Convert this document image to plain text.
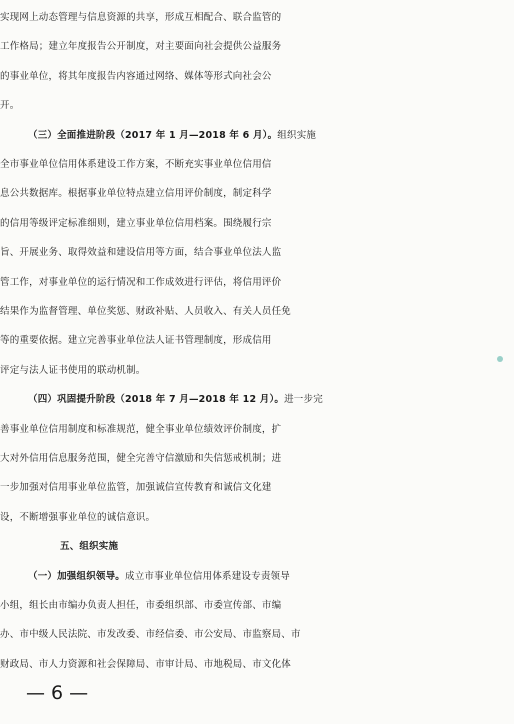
实现网上动态管理与信息资源的共享，形成互相配合、联合监管的
工作格局；建立年度报告公开制度，对主要面向社会提供公益服务
的事业单位，将其年度报告内容通过网络、媒体等形式向社会公
开。
（三）全面推进阶段（2017 年 1 月—2018 年 6 月）。组织实施
全市事业单位信用体系建设工作方案，不断充实事业单位信用信
息公共数据库。根据事业单位特点建立信用评价制度，制定科学
的信用等级评定标准细则，建立事业单位信用档案。围绕履行宗
旨、开展业务、取得效益和建设信用等方面，结合事业单位法人监
管工作，对事业单位的运行情况和工作成效进行评估，将信用评价
结果作为监督管理、单位奖惩、财政补贴、人员收入、有关人员任免
等的重要依据。建立完善事业单位法人证书管理制度，形成信用
评定与法人证书使用的联动机制。
（四）巩固提升阶段（2018 年 7 月—2018 年 12 月）。进一步完
善事业单位信用制度和标准规范，健全事业单位绩效评价制度，扩
大对外信用信息服务范围，健全完善守信激励和失信惩戒机制；进
一步加强对信用事业单位监管，加强诚信宣传教育和诚信文化建
设，不断增强事业单位的诚信意识。
五、组织实施
（一）加强组织领导。成立市事业单位信用体系建设专责领导
小组，组长由市编办负责人担任，市委组织部、市委宣传部、市编
办、市中级人民法院、市发改委、市经信委、市公安局、市监察局、市
财政局、市人力资源和社会保障局、市审计局、市地税局、市文化体
— 6 —
